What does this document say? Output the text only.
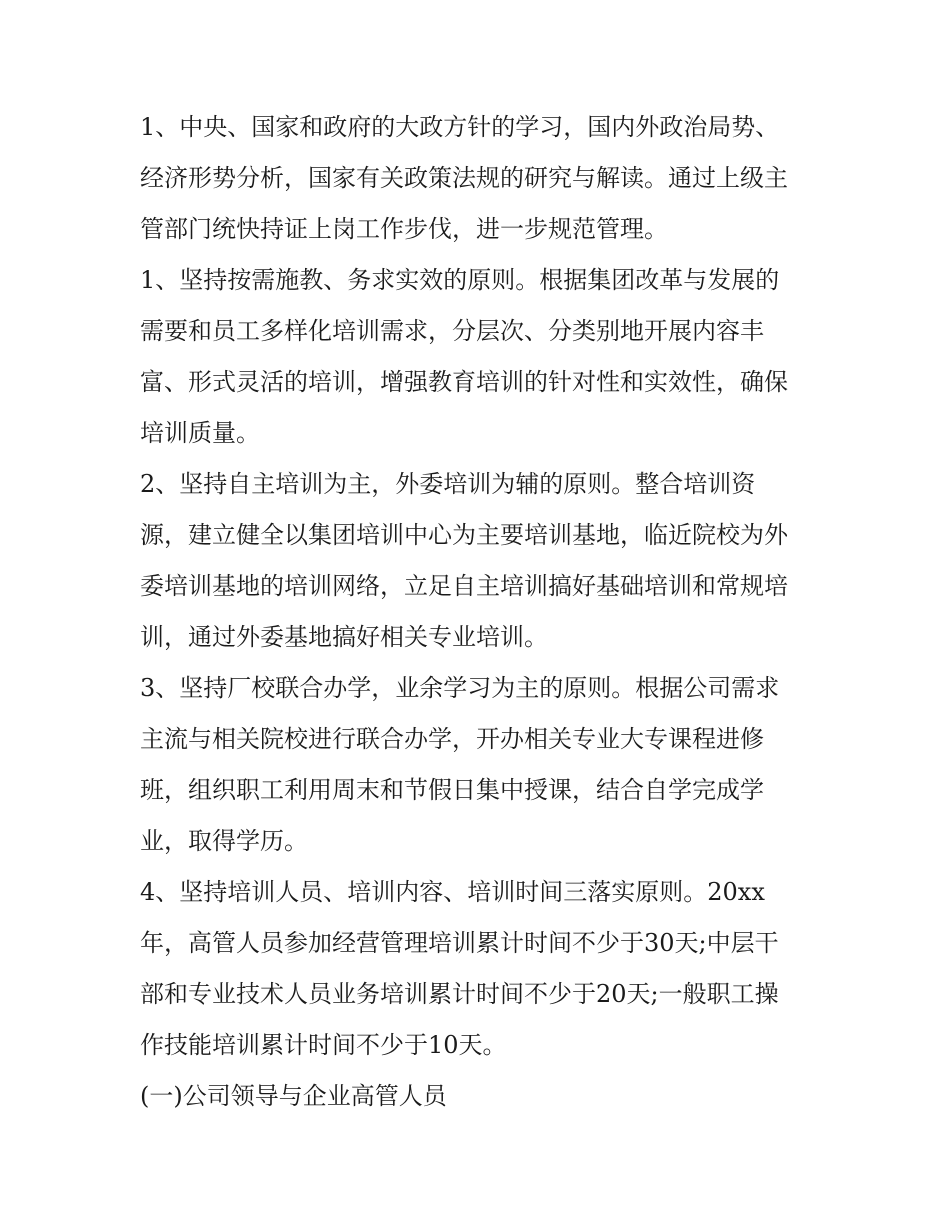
1、中央、国家和政府的大政方针的学习，国内外政治局势、
经济形势分析，国家有关政策法规的研究与解读。通过上级主
管部门统快持证上岗工作步伐，进一步规范管理。

1、坚持按需施教、务求实效的原则。根据集团改革与发展的
需要和员工多样化培训需求，分层次、分类别地开展内容丰
富、形式灵活的培训，增强教育培训的针对性和实效性，确保
培训质量。

2、坚持自主培训为主，外委培训为辅的原则。整合培训资
源，建立健全以集团培训中心为主要培训基地，临近院校为外
委培训基地的培训网络，立足自主培训搞好基础培训和常规培
训，通过外委基地搞好相关专业培训。

3、坚持厂校联合办学，业余学习为主的原则。根据公司需求
主流与相关院校进行联合办学，开办相关专业大专课程进修
班，组织职工利用周末和节假日集中授课，结合自学完成学
业，取得学历。

4、坚持培训人员、培训内容、培训时间三落实原则。20xx
年，高管人员参加经营管理培训累计时间不少于30天;中层干
部和专业技术人员业务培训累计时间不少于20天;一般职工操
作技能培训累计时间不少于10天。

(一)公司领导与企业高管人员
